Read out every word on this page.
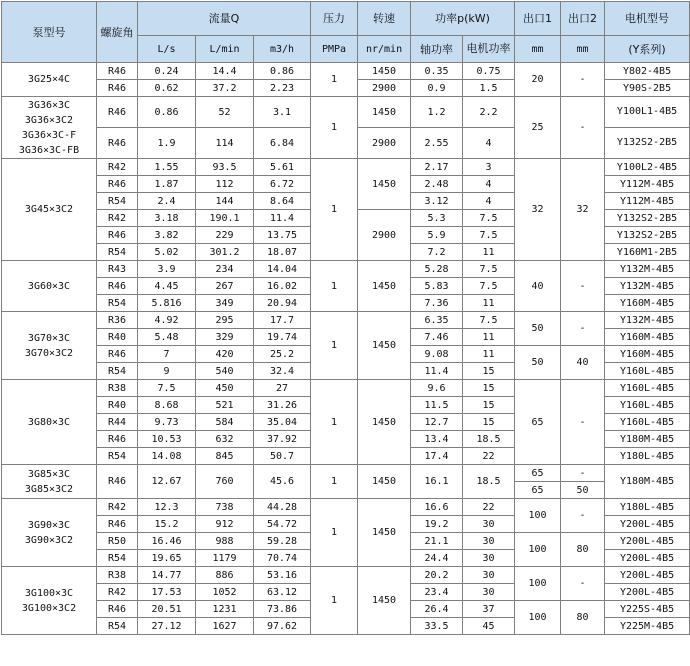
泵型号	螺旋角	流量Q			压力	转速	功率p(kW)		出口1	出口2	电机型号
		L/s	L/min	m3/h	PMPa	nr/min	轴功率	电机功率	mm	mm	(Y系列)
3G25×4C	R46	0.24	14.4	0.86	1	1450	0.35	0.75	20	-	Y802-4B5
	R46	0.62	37.2	2.23		2900	0.9	1.5			Y90S-2B5

3G36×3C
3G36×3C2
3G36×3C-F
3G36×3C-FB	R46	0.86	52	3.1	1	1450	1.2	2.2	25	-	Y100L1-4B5
	R46	1.9	114	6.84		2900	2.55	4			Y132S2-2B5
3G45×3C2	R42	1.55	93.5	5.61	1	1450	2.17	3	32	32	Y100L2-4B5
	R46	1.87	112	6.72			2.48	4			Y112M-4B5
	R54	2.4	144	8.64			3.12	4			Y112M-4B5
	R42	3.18	190.1	11.4		2900	5.3	7.5			Y132S2-2B5
	R46	3.82	229	13.75			5.9	7.5			Y132S2-2B5
	R54	5.02	301.2	18.07			7.2	11			Y160M1-2B5
3G60×3C	R43	3.9	234	14.04	1	1450	5.28	7.5	40	-	Y132M-4B5
	R46	4.45	267	16.02			5.83	7.5			Y132M-4B5
	R54	5.816	349	20.94			7.36	11			Y160M-4B5

3G70×3C
3G70×3C2	R36	4.92	295	17.7	1	1450	6.35	7.5	50	-	Y132M-4B5
	R40	5.48	329	19.74			7.46	11			Y160M-4B5
	R46	7	420	25.2			9.08	11	50	40	Y160M-4B5
	R54	9	540	32.4			11.4	15			Y160L-4B5
3G80×3C	R38	7.5	450	27	1	1450	9.6	15	65	-	Y160L-4B5
	R40	8.68	521	31.26			11.5	15			Y160L-4B5
	R44	9.73	584	35.04			12.7	15			Y160L-4B5
	R46	10.53	632	37.92			13.4	18.5			Y180M-4B5
	R54	14.08	845	50.7			17.4	22			Y180L-4B5

3G85×3C
3G85×3C2	R46	12.67	760	45.6	1	1450	16.1	18.5	65	-	Y180M-4B5
									65	50	

3G90×3C
3G90×3C2	R42	12.3	738	44.28	1	1450	16.6	22	100	-	Y180L-4B5
	R46	15.2	912	54.72			19.2	30			Y200L-4B5
	R50	16.46	988	59.28			21.1	30	100	80	Y200L-4B5
	R54	19.65	1179	70.74			24.4	30			Y200L-4B5

3G100×3C
3G100×3C2	R38	14.77	886	53.16	1	1450	20.2	30	100	-	Y200L-4B5
	R42	17.53	1052	63.12			23.4	30			Y200L-4B5
	R46	20.51	1231	73.86			26.4	37	100	80	Y225S-4B5
	R54	27.12	1627	97.62			33.5	45			Y225M-4B5
